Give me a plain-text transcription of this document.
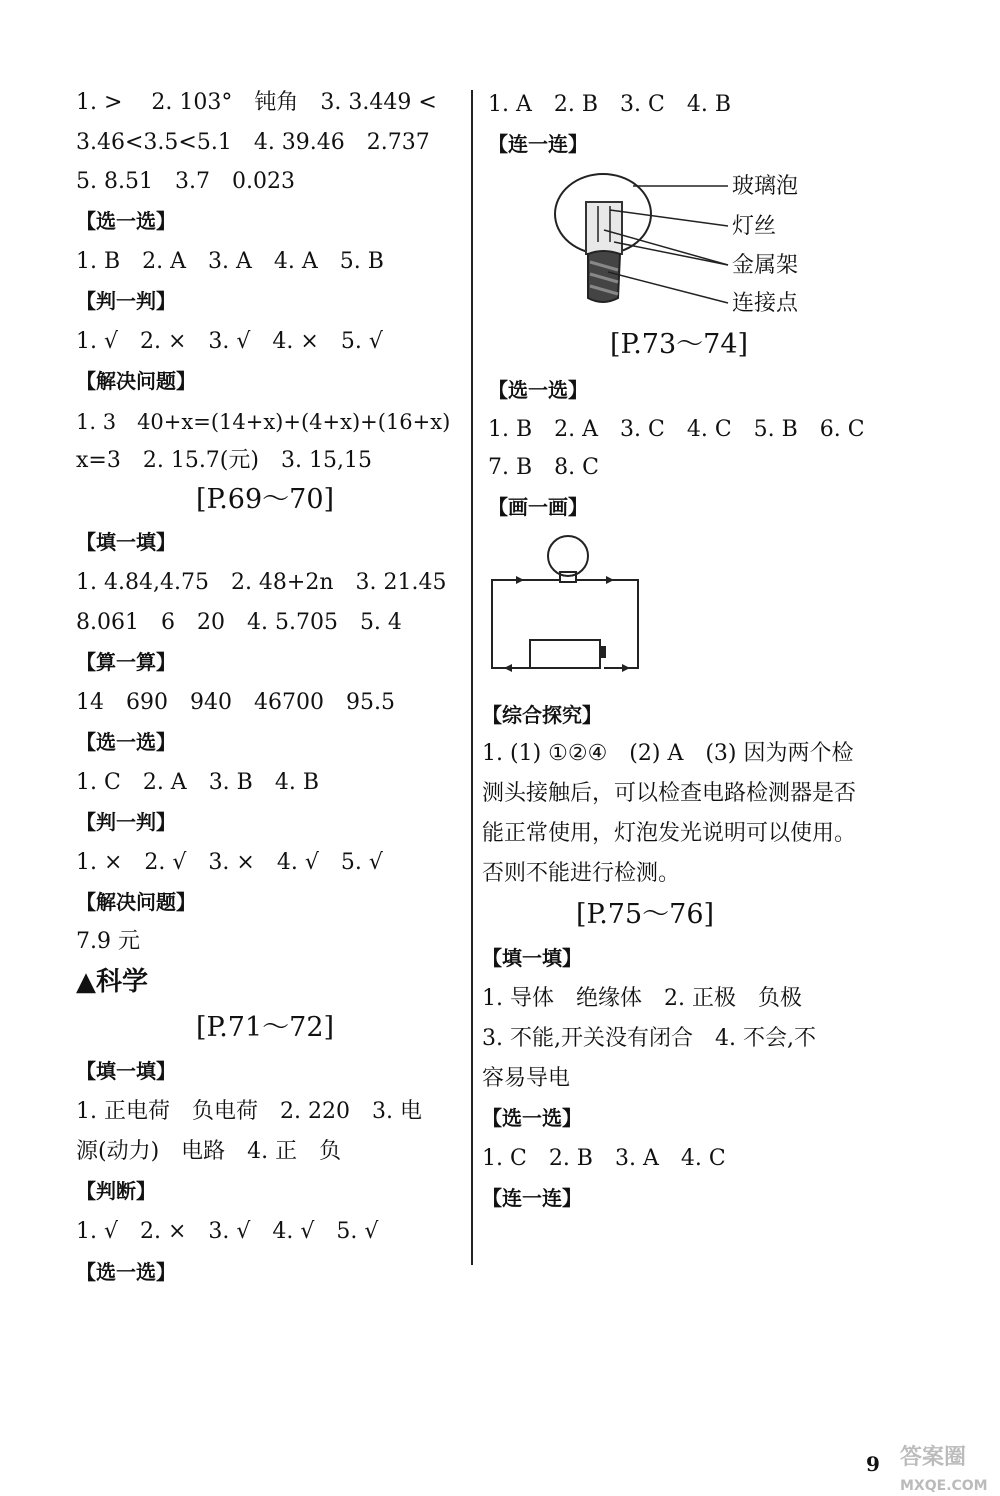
1. >　 2. 103°　钝角　3. 3.449 <
3.46<3.5<5.1　4. 39.46　2.737
5. 8.51　3.7　0.023
【选一选】
1. B　2. A　3. A　4. A　5. B
【判一判】
1. √　2. ×　3. √　4. ×　5. √
【解决问题】
1. 3　40+x=(14+x)+(4+x)+(16+x)
x=3　2. 15.7(元)　3. 15,15
[P.69～70]
【填一填】
1. 4.84,4.75　2. 48+2n　3. 21.45
8.061　6　20　4. 5.705　5. 4
【算一算】
14　690　940　46700　95.5
【选一选】
1. C　2. A　3. B　4. B
【判一判】
1. ×　2. √　3. ×　4. √　5. √
【解决问题】
7.9 元
▲科学
[P.71～72]
【填一填】
1. 正电荷　负电荷　2. 220　3. 电
源(动力)　电路　4. 正　负
【判断】
1. √　2. ×　3. √　4. √　5. √
【选一选】
1. A　2. B　3. C　4. B
【连一连】
玻璃泡
灯丝
金属架
连接点
[P.73～74]
【选一选】
1. B　2. A　3. C　4. C　5. B　6. C
7. B　8. C
【画一画】
【综合探究】
1. (1) ①②④　(2) A　(3) 因为两个检测头接触后，可以检查电路检测器是否能正常使用，灯泡发光说明可以使用。否则不能进行检测。
[P.75～76]
【填一填】
1. 导体　绝缘体　2. 正极　负极
3. 不能,开关没有闭合　4. 不会,不
容易导电
【选一选】
1. C　2. B　3. A　4. C
【连一连】
9 答案圈
MXQE.COM
